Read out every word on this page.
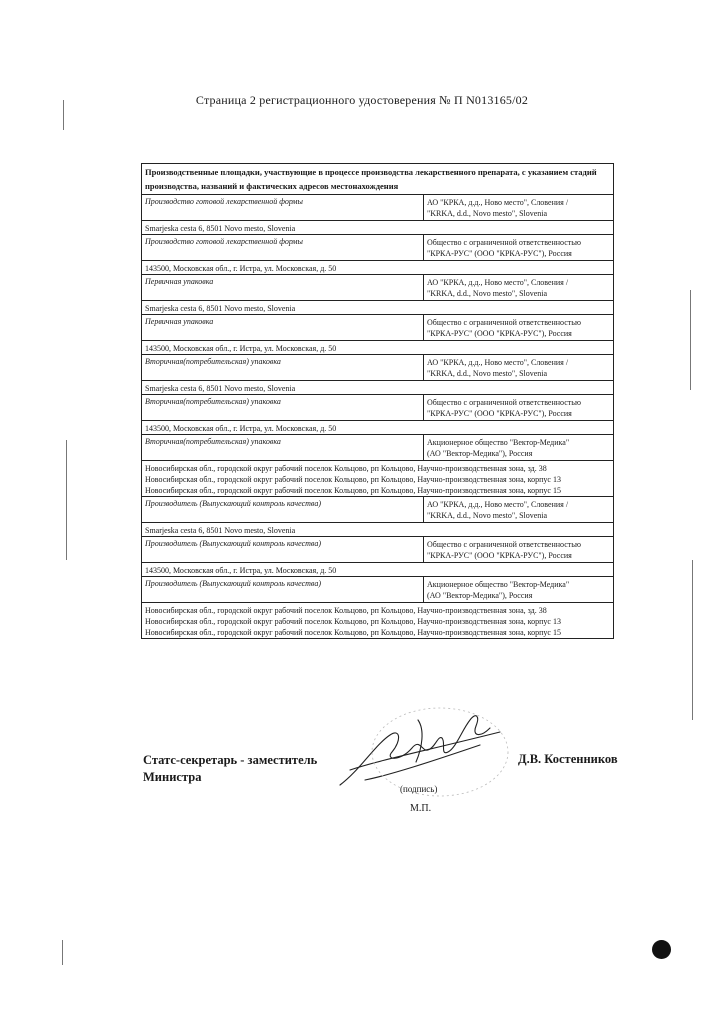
Страница 2 регистрационного удостоверения № П N013165/02
Производственные площадки, участвующие в процессе производства лекарственного препарата, с указанием стадий производства, названий и фактических адресов местонахождения
Производство готовой лекарственной формы	АО "КРКА, д.д., Ново место", Словения /
"KRKA, d.d., Novo mesto", Slovenia
Smarjeska cesta 6, 8501 Novo mesto, Slovenia
Производство готовой лекарственной формы	Общество с ограниченной ответственностью
"КРКА-РУС" (ООО "КРКА-РУС"), Россия
143500, Московская обл., г. Истра, ул. Московская, д. 50
Первичная упаковка	АО "КРКА, д.д., Ново место", Словения /
"KRKA, d.d., Novo mesto", Slovenia
Smarjeska cesta 6, 8501 Novo mesto, Slovenia
Первичная упаковка	Общество с ограниченной ответственностью
"КРКА-РУС" (ООО "КРКА-РУС"), Россия
143500, Московская обл., г. Истра, ул. Московская, д. 50
Вторичная(потребительская) упаковка	АО "КРКА, д.д., Ново место", Словения /
"KRKA, d.d., Novo mesto", Slovenia
Smarjeska cesta 6, 8501 Novo mesto, Slovenia
Вторичная(потребительская) упаковка	Общество с ограниченной ответственностью
"КРКА-РУС" (ООО "КРКА-РУС"), Россия
143500, Московская обл., г. Истра, ул. Московская, д. 50
Вторичная(потребительская) упаковка	Акционерное общество "Вектор-Медика"
(АО "Вектор-Медика"), Россия
Новосибирская обл., городской округ рабочий поселок Кольцово, рп Кольцово, Научно-производственная зона, зд. 38
Новосибирская обл., городской округ рабочий поселок Кольцово, рп Кольцово, Научно-производственная зона, корпус 13
Новосибирская обл., городской округ рабочий поселок Кольцово, рп Кольцово, Научно-производственная зона, корпус 15
Производитель (Выпускающий контроль качества)	АО "КРКА, д.д., Ново место", Словения /
"KRKA, d.d., Novo mesto", Slovenia
Smarjeska cesta 6, 8501 Novo mesto, Slovenia
Производитель (Выпускающий контроль качества)	Общество с ограниченной ответственностью
"КРКА-РУС" (ООО "КРКА-РУС"), Россия
143500, Московская обл., г. Истра, ул. Московская, д. 50
Производитель (Выпускающий контроль качества)	Акционерное общество "Вектор-Медика"
(АО "Вектор-Медика"), Россия
Новосибирская обл., городской округ рабочий поселок Кольцово, рп Кольцово, Научно-производственная зона, зд. 38
Новосибирская обл., городской округ рабочий поселок Кольцово, рп Кольцово, Научно-производственная зона, корпус 13
Новосибирская обл., городской округ рабочий поселок Кольцово, рп Кольцово, Научно-производственная зона, корпус 15
Статс-секретарь - заместитель
Министра
Д.В. Костенников
(подпись)
М.П.
